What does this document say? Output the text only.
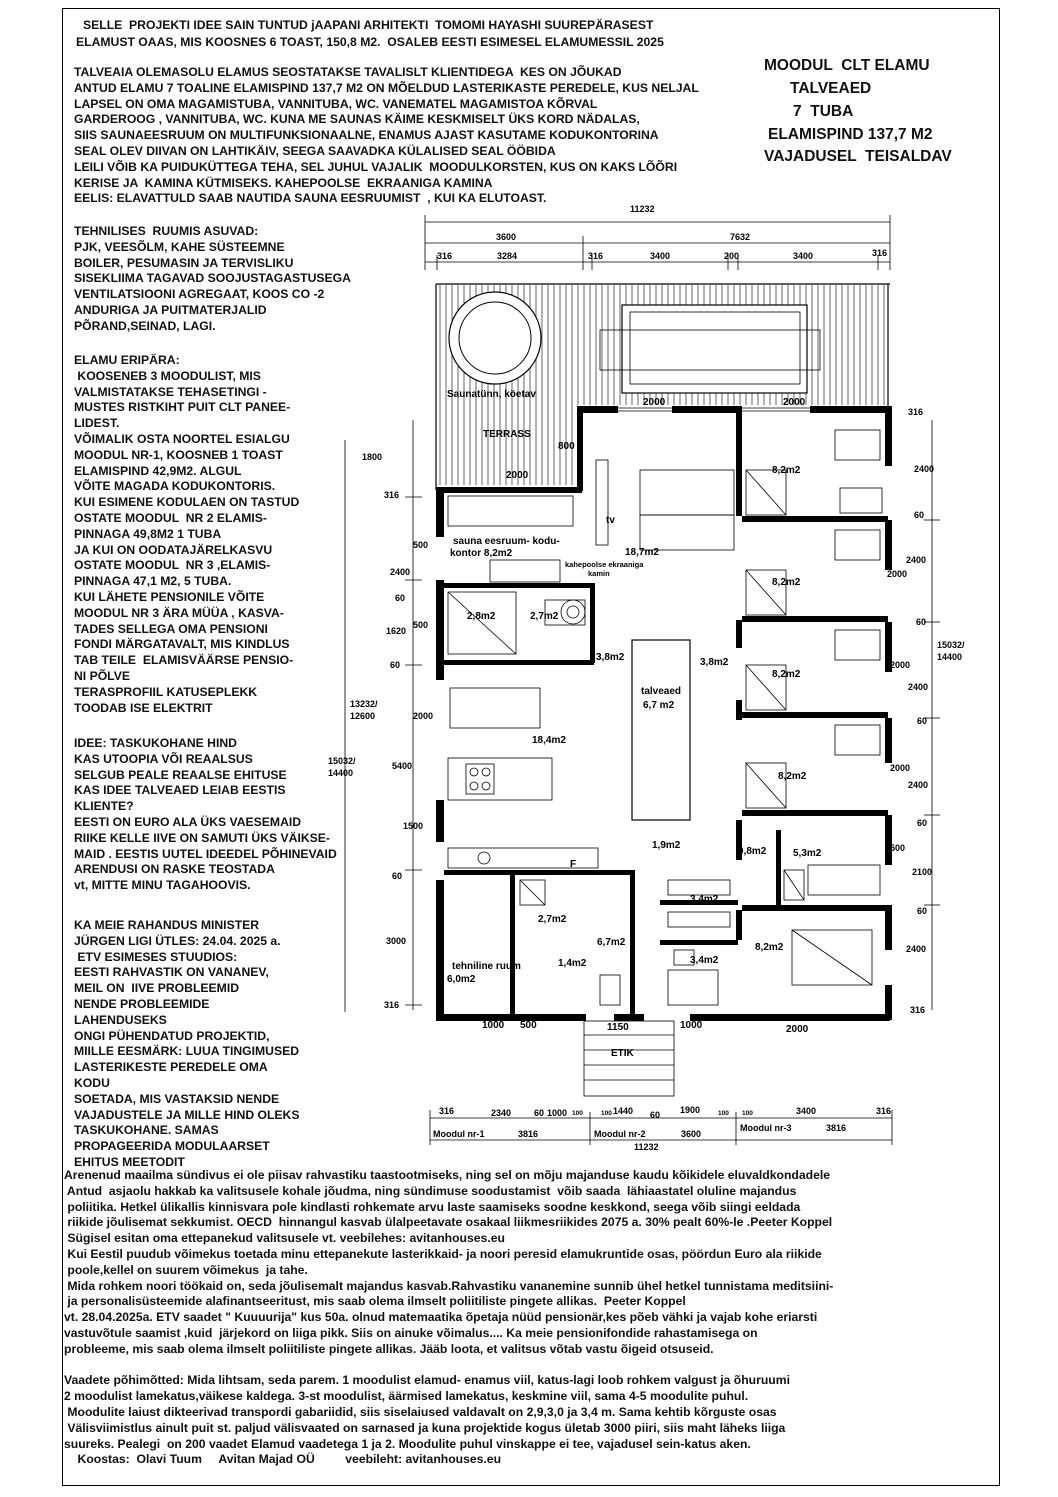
SELLE  PROJEKTI IDEE SAIN TUNTUD jAAPANI ARHITEKTI  TOMOMI HAYASHI SUUREPÄRASEST
ELAMUST OAAS, MIS KOOSNES 6 TOAST, 150,8 M2.  OSALEB EESTI ESIMESEL ELAMUMESSIL 2025
TALVEAIA OLEMASOLU ELAMUS SEOSTATAKSE TAVALISLT KLIENTIDEGA  KES ON JÕUKAD
ANTUD ELAMU 7 TOALINE ELAMISPIND 137,7 M2 ON MÕELDUD LASTERIKASTE PEREDELE, KUS NELJAL
LAPSEL ON OMA MAGAMISTUBA, VANNITUBA, WC. VANEMATEL MAGAMISTOA KÕRVAL
GARDEROOG , VANNITUBA, WC. KUNA ME SAUNAS KÄIME KESKMISELT ÜKS KORD NÄDALAS,
SIIS SAUNAEESRUUM ON MULTIFUNKSIONAALNE, ENAMUS AJAST KASUTAME KODUKONTORINA
SEAL OLEV DIIVAN ON LAHTIKÄIV, SEEGA SAAVADKA KÜLALISED SEAL ÖÖBIDA
LEILI VÕIB KA PUIDUKÜTTEGA TEHA, SEL JUHUL VAJALIK  MOODULKORSTEN, KUS ON KAKS LÕÕRI
KERISE JA  KAMINA KÜTMISEKS. KAHEPOOLSE  EKRAANIGA KAMINA
EELIS: ELAVATTULD SAAB NAUTIDA SAUNA EESRUUMIST  , KUI KA ELUTOAST.
MOODUL  CLT ELAMU
TALVEAED
7  TUBA
ELAMISPIND 137,7 M2
VAJADUSEL  TEISALDAV
TEHNILISES  RUUMIS ASUVAD:
PJK, VEESÕLM, KAHE SÜSTEEMNE
BOILER, PESUMASIN JA TERVISLIKU
SISEKLIIMA TAGAVAD SOOJUSTAGASTUSEGA
VENTILATSIOONI AGREGAAT, KOOS CO -2
ANDURIGA JA PUITMATERJALID
PÕRAND,SEINAD, LAGI.
ELAMU ERIPÄRA:
KOOSENEB 3 MOODULIST, MIS
VALMISTATAKSE TEHASETINGI -
MUSTES RISTKIHT PUIT CLT PANEE-
LIDEST.
VÕIMALIK OSTA NOORTEL ESIALGU
MOODUL NR-1, KOOSNEB 1 TOAST
ELAMISPIND 42,9M2. ALGUL
VÕITE MAGADA KODUKONTORIS.
KUI ESIMENE KODULAEN ON TASTUD
OSTATE MOODUL  NR 2 ELAMIS-
PINNAGA 49,8M2 1 TUBA
JA KUI ON OODATAJÄRELKASVU
OSTATE MOODUL  NR 3 ,ELAMIS-
PINNAGA 47,1 M2, 5 TUBA.
KUI LÄHETE PENSIONILE VÕITE
MOODUL NR 3 ÄRA MÜÜA , KASVA-
TADES SELLEGA OMA PENSIONI
FONDI MÄRGATAVALT, MIS KINDLUS
TAB TEILE  ELAMISVÄÄRSE PENSIO-
NI PÕLVE
TERASPROFIIL KATUSEPLEKK
TOODAB ISE ELEKTRIT
IDEE: TASKUKOHANE HIND
KAS UTOOPIA VÕI REAALSUS
SELGUB PEALE REAALSE EHITUSE
KAS IDEE TALVEAED LEIAB EESTIS
KLIENTE?
EESTI ON EURO ALA ÜKS VAESEMAID
RIIKE KELLE IIVE ON SAMUTI ÜKS VÄIKSE-
MAID . EESTIS UUTEL IDEEDEL PÕHINEVAID
ARENDUSI ON RASKE TEOSTADA
vt, MITTE MINU TAGAHOOVIS.
KA MEIE RAHANDUS MINISTER
JÜRGEN LIGI ÜTLES: 24.04. 2025 a.
ETV ESIMESES STUUDIOS:
EESTI RAHVASTIK ON VANANEV,
MEIL ON  IIVE PROBLEEMID
NENDE PROBLEEMIDE
LAHENDUSEKS
ONGI PÜHENDATUD PROJEKTID,
MIILLE EESMÄRK: LUUA TINGIMUSED
LASTERIKESTE PEREDELE OMA
KODU
SOETADA, MIS VASTAKSID NENDE
VAJADUSTELE JA MILLE HIND OLEKS
TASKUKOHANE. SAMAS
PROPAGEERIDA MODULAARSET
EHITUS MEETODIT
Arenenud maailma sündivus ei ole piisav rahvastiku taastootmiseks, ning sel on mõju majanduse kaudu kõikidele eluvaldkondadele
Antud  asjaolu hakkab ka valitsusele kohale jõudma, ning sündimuse soodustamist  võib saada  lähiaastatel oluline majandus
poliitika. Hetkel ülikallis kinnisvara pole kindlasti rohkemate arvu laste saamiseks soodne keskkond, seega võib siingi eeldada
riikide jõulisemat sekkumist. OECD  hinnangul kasvab ülalpeetavate osakaal liikmesriikides 2075 a. 30% pealt 60%-le .Peeter Koppel
Sügisel esitan oma ettepanekud valitsusele vt. veebilehes: avitanhouses.eu
Kui Eestil puudub võimekus toetada minu ettepanekute lasterikkaid- ja noori peresid elamukruntide osas, pöördun Euro ala riikide
poole,kellel on suurem võimekus  ja tahe.
Mida rohkem noori töökaid on, seda jõulisemalt majandus kasvab.Rahvastiku vananemine sunnib ühel hetkel tunnistama meditsiini-
ja personalisüsteemide alafinantseeritust, mis saab olema ilmselt poliitiliste pingete allikas.  Peeter Koppel
vt. 28.04.2025a. ETV saadet " Kuuuurija" kus 50a. olnud matemaatika õpetaja nüüd pensionär,kes põeb vähki ja vajab kohe eriarsti
vastuvõtule saamist ,kuid  järjekord on liiga pikk. Siis on ainuke võimalus.... Ka meie pensionifondide rahastamisega on
probleeme, mis saab olema ilmselt poliitiliste pingete allikas. Jääb loota, et valitsus võtab vastu õigeid otsuseid.
Vaadete põhimõtted: Mida lihtsam, seda parem. 1 moodulist elamud- enamus viil, katus-lagi loob rohkem valgust ja õhuruumi
2 moodulist lamekatus,väikese kaldega. 3-st moodulist, äärmised lamekatus, keskmine viil, sama 4-5 moodulite puhul.
Moodulite laiust dikteerivad transpordi gabariidid, siis siselaiused valdavalt on 2,9,3,0 ja 3,4 m. Sama kehtib kõrguste osas
Välisviimistlus ainult puit st. paljud välisvaated on sarnased ja kuna projektide kogus ületab 3000 piiri, siis maht läheks liiga
suureks. Pealegi  on 200 vaadet Elamud vaadetega 1 ja 2. Moodulite puhul vinskappe ei tee, vajadusel sein-katus aken.
Koostas:  Olavi Tuum     Avitan Majad OÜ         veebileht: avitanhouses.eu
11232
3600	7632
316	3284	316	3400	200	3400	316
Saunatünn, köetav
TERRASS
800
2000
2000	2000
sauna eesruum- kodu-
kontor 8,2m2
tv
18,7m2
kahepoolse ekraaniga
kamin
2,8m2	2,7m2
3,8m2	3,8m2
8,2m2
8,2m2
8,2m2
8,2m2
8,2m2
talveaed
6,7 m2
18,4m2
1,9m2
0,8m2	5,3m2
F
3,4m2
3,4m2
2,7m2
6,7m2
1,4m2
tehniline ruum
6,0m2
ETIK
1000 500	1150	1000	2000
1800
316
500
2400
60
1620
500
60
2000
13232/
12600
15032/
14400
5400
1500
60
3000
316
316
2400
60
2400
2000
60
2000
2400
60
2000
2400
60
500
2100
60
2400
316
15032/
14400
316	2340	60 1000 100	100 1440 60 1900	100 100	3400	316
Moodul nr-1	3816	Moodul nr-2	3600
Moodul nr-3	3816
11232
